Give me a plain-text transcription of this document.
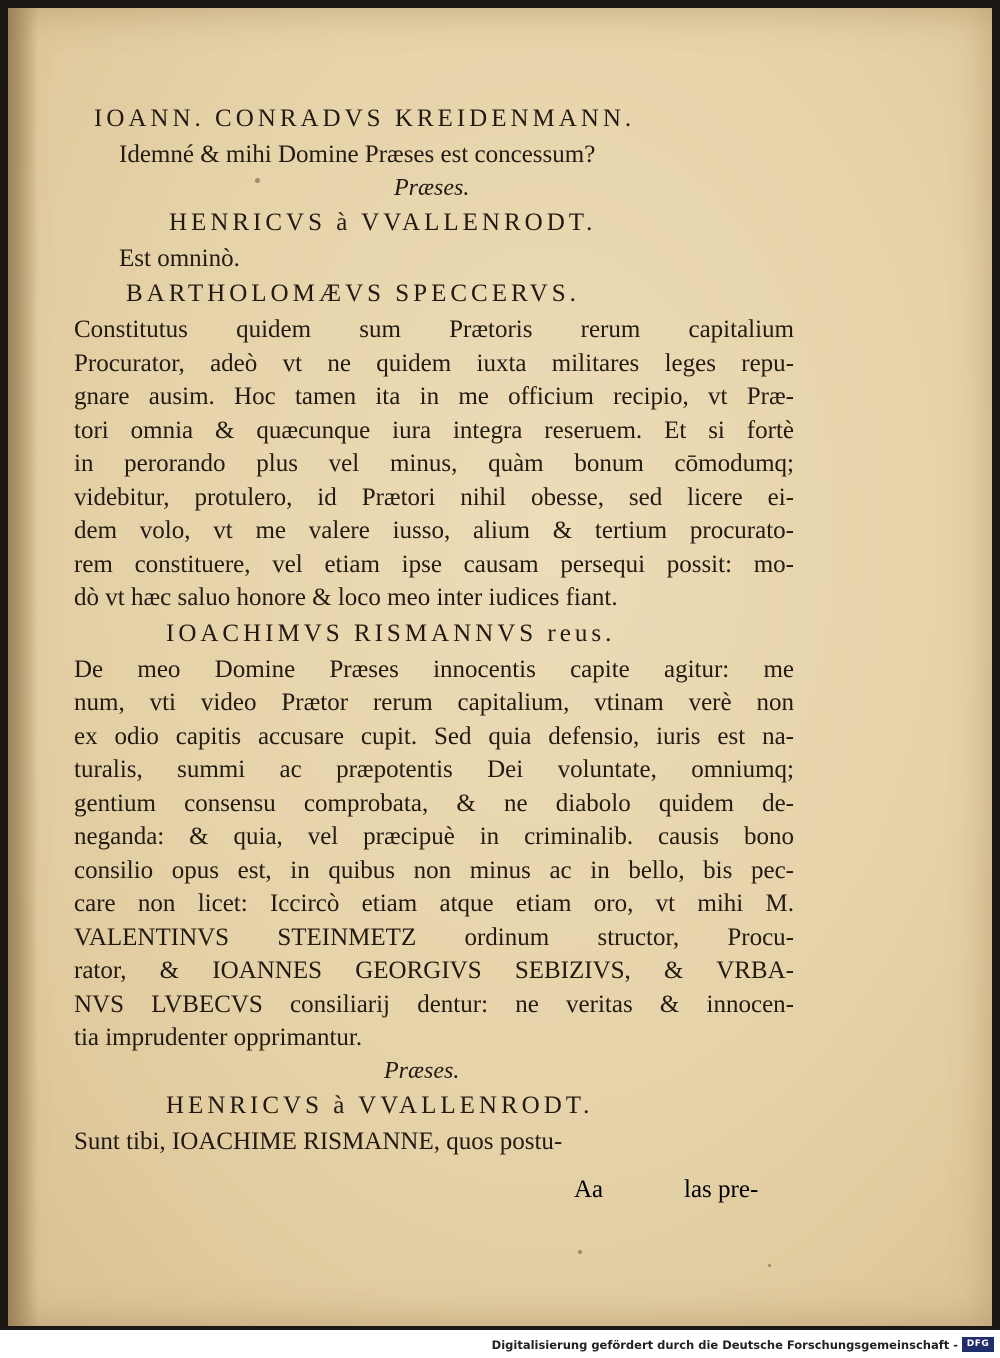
IOANN. CONRADVS KREIDENMANN.

Idemné & mihi Domine Præses est concessum?

Præses.

HENRICVS à VVALLENRODT.

Est omninò.

BARTHOLOMÆVS SPECCERVS.

Constitutus quidem sum Prætoris rerum capitalium

Procurator, adeò vt ne quidem iuxta militares leges repu-

gnare ausim. Hoc tamen ita in me officium recipio, vt Præ-

tori omnia & quæcunque iura integra reseruem. Et si fortè

in perorando plus vel minus, quàm bonum cōmodumq;

videbitur, protulero, id Prætori nihil obesse, sed licere ei-

dem volo, vt me valere iusso, alium & tertium procurato-

rem constituere, vel etiam ipse causam persequi possit: mo-

dò vt hæc saluo honore & loco meo inter iudices fiant.

IOACHIMVS RISMANNVS reus.

De meo Domine Præses innocentis capite agitur: me

num, vti video Prætor rerum capitalium, vtinam verè non

ex odio capitis accusare cupit. Sed quia defensio, iuris est na-

turalis, summi ac præpotentis Dei voluntate, omniumq;

gentium consensu comprobata, & ne diabolo quidem de-

neganda: & quia, vel præcipuè in criminalib. causis bono

consilio opus est, in quibus non minus ac in bello, bis pec-

care non licet: Iccircò etiam atque etiam oro, vt mihi M.

VALENTINVS STEINMETZ ordinum structor, Procu-

rator, & IOANNES GEORGIVS SEBIZIVS, & VRBA-

NVS LVBECVS consiliarij dentur: ne veritas & innocen-

tia imprudenter opprimantur.

Præses.

HENRICVS à VVALLENRODT.

Sunt tibi, IOACHIME RISMANNE, quos postu-

Aa	las pre-
Digitalisierung gefördert durch die Deutsche Forschungsgemeinschaft - DFG
